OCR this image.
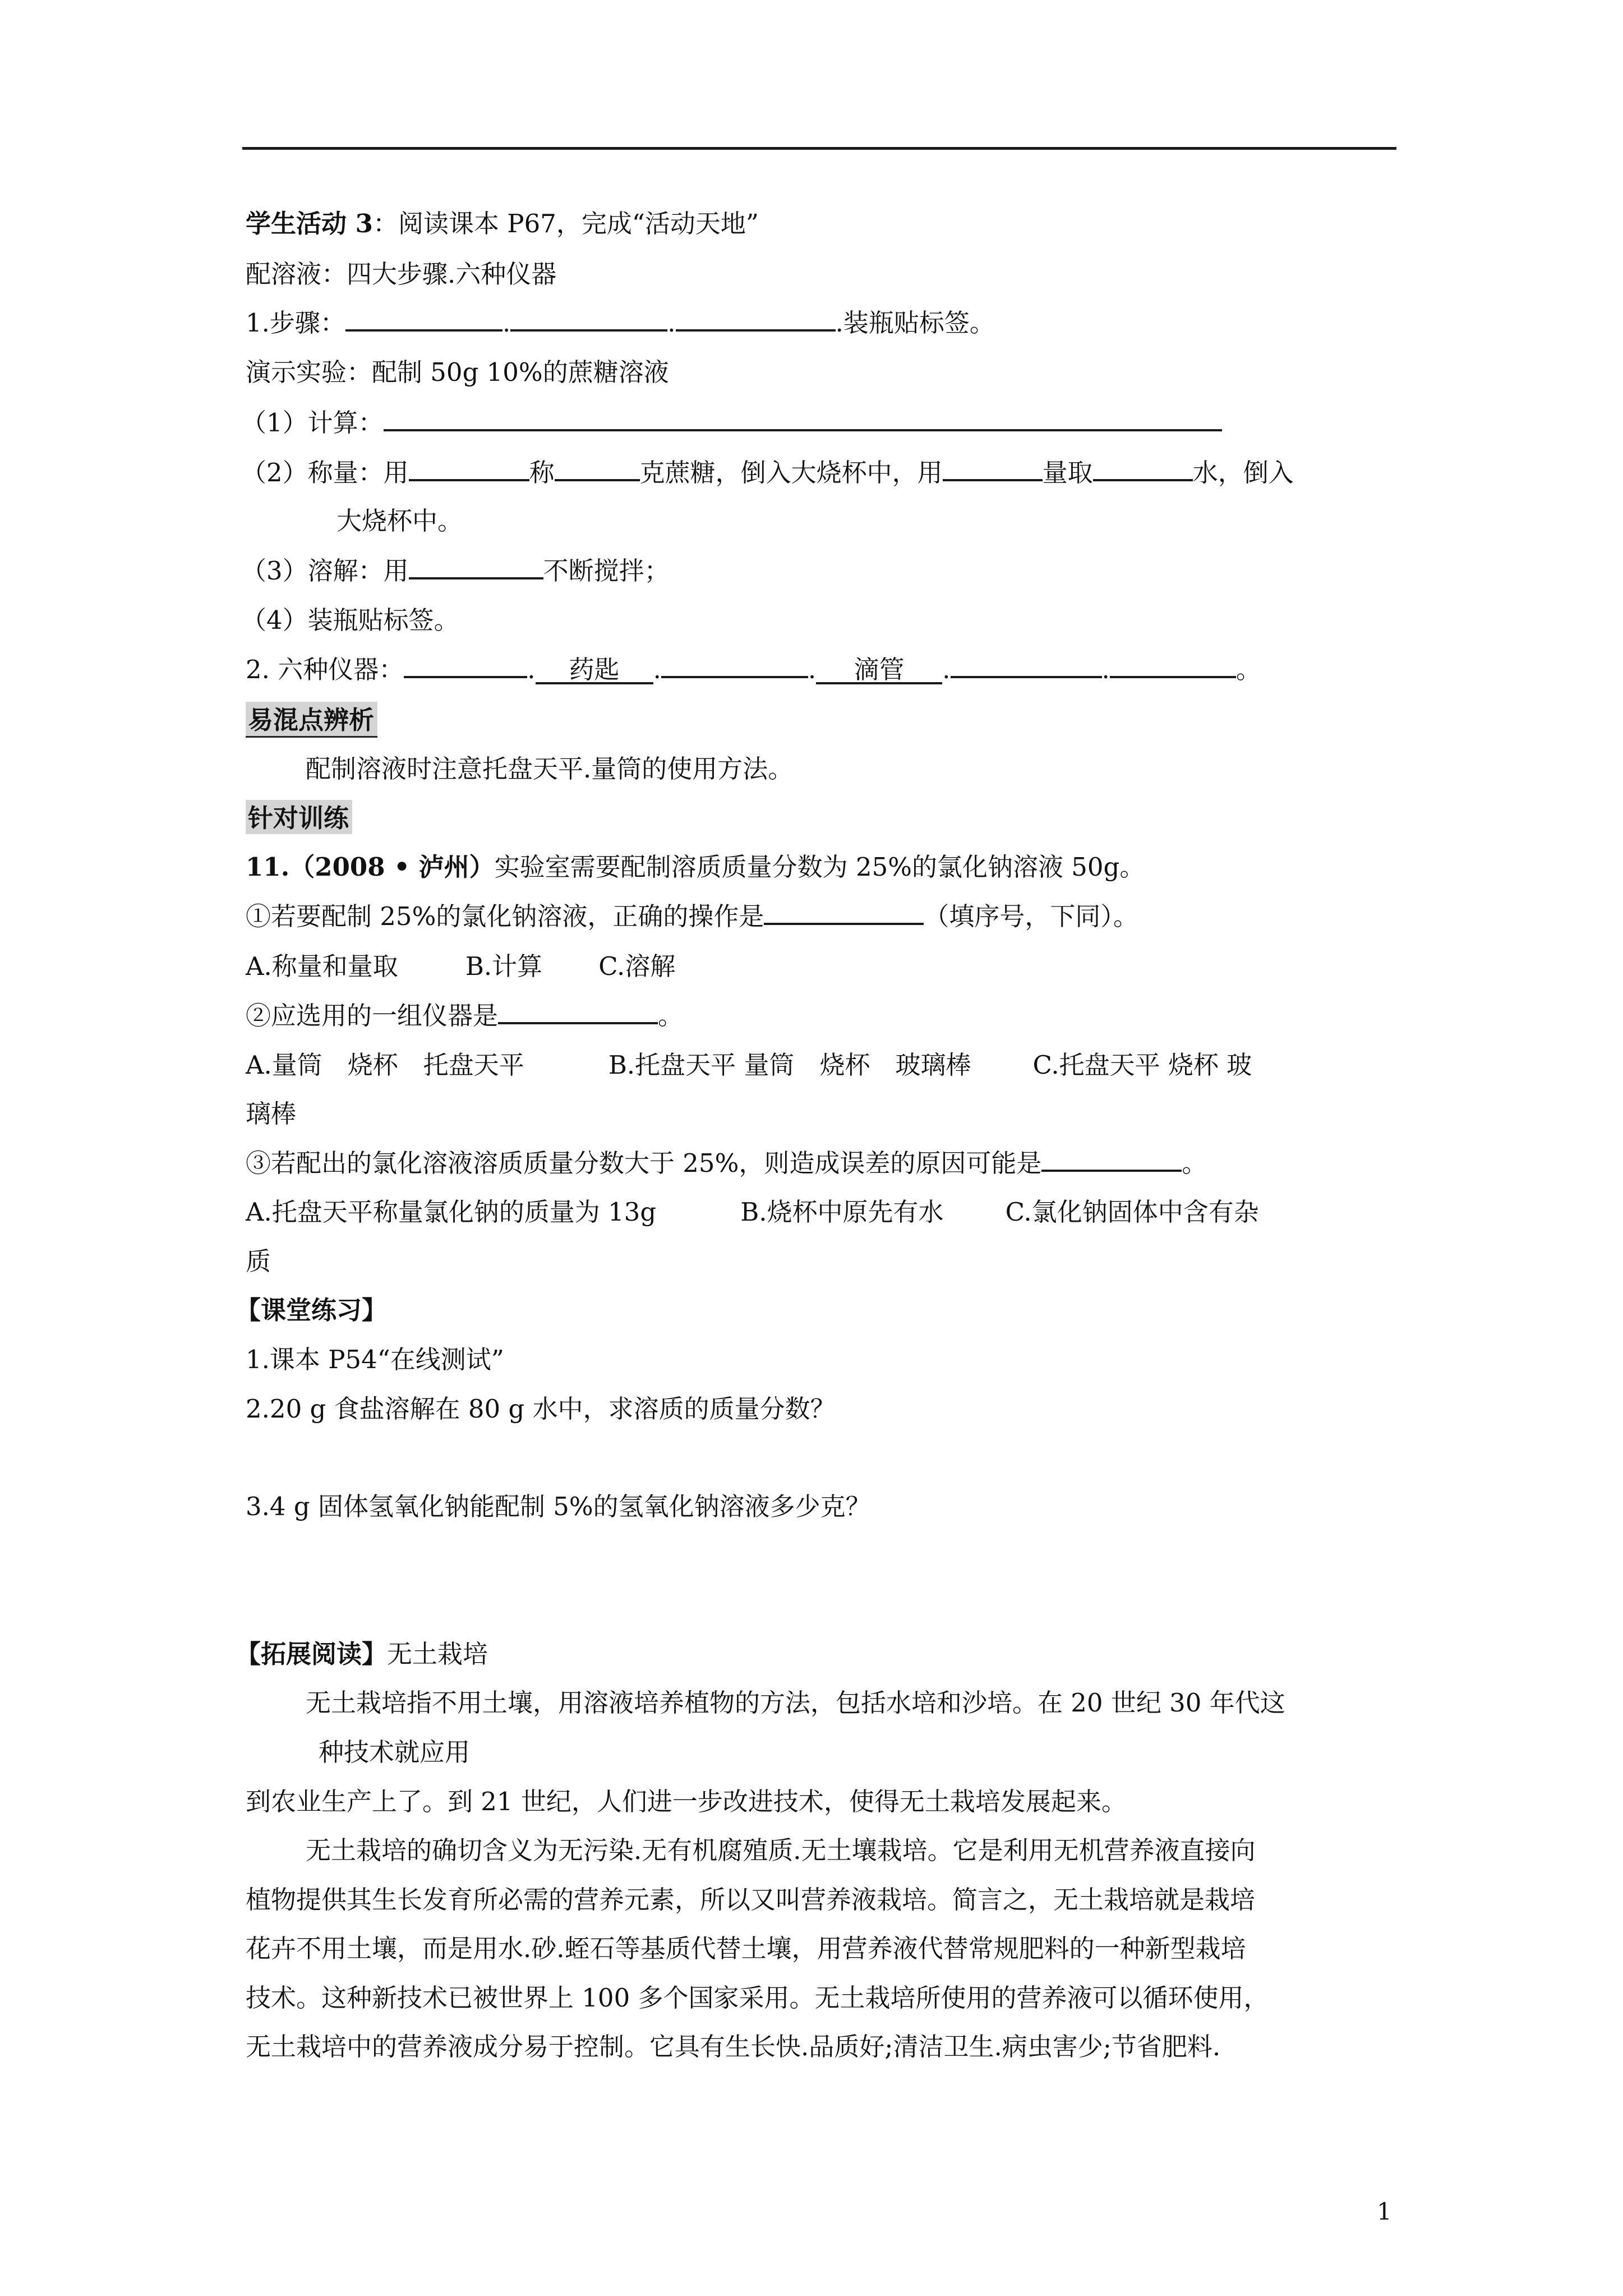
学生活动 3：阅读课本 P67，完成“活动天地”
配溶液：四大步骤.六种仪器
1.步骤：	.	.	.装瓶贴标签。
演示实验：配制 50g 10%的蔗糖溶液
（1）计算：
（2）称量：用	称	克蔗糖，倒入大烧杯中，用	量取	水，倒入
大烧杯中。
（3）溶解：用	不断搅拌；
（4）装瓶贴标签。
2. 六种仪器：	. 药匙 .	. 滴管 .	.	。
易混点辨析
配制溶液时注意托盘天平.量筒的使用方法。
针对训练
11.（2008 • 泸州）实验室需要配制溶质质量分数为 25%的氯化钠溶液 50g。
①若要配制 25%的氯化钠溶液，正确的操作是	（填序号，下同）。
A.称量和量取	B.计算 C.溶解
②应选用的一组仪器是	。
A.量筒　烧杯　托盘天平	B.托盘天平 量筒　烧杯　玻璃棒 C.托盘天平 烧杯 玻
璃棒
③若配出的氯化溶液溶质质量分数大于 25%，则造成误差的原因可能是	。
A.托盘天平称量氯化钠的质量为 13g	B.烧杯中原先有水 C.氯化钠固体中含有杂
质
【课堂练习】
1.课本 P54“在线测试”
2.20 g 食盐溶解在 80 g 水中，求溶质的质量分数？
3.4 g 固体氢氧化钠能配制 5%的氢氧化钠溶液多少克？
【拓展阅读】无土栽培
无土栽培指不用土壤，用溶液培养植物的方法，包括水培和沙培。在 20 世纪 30 年代这
种技术就应用
到农业生产上了。到 21 世纪，人们进一步改进技术，使得无土栽培发展起来。
无土栽培的确切含义为无污染.无有机腐殖质.无土壤栽培。它是利用无机营养液直接向
植物提供其生长发育所必需的营养元素，所以又叫营养液栽培。简言之，无土栽培就是栽培
花卉不用土壤，而是用水.砂.蛭石等基质代替土壤，用营养液代替常规肥料的一种新型栽培
技术。这种新技术已被世界上 100 多个国家采用。无土栽培所使用的营养液可以循环使用，
无土栽培中的营养液成分易于控制。它具有生长快.品质好;清洁卫生.病虫害少;节省肥料.
1
